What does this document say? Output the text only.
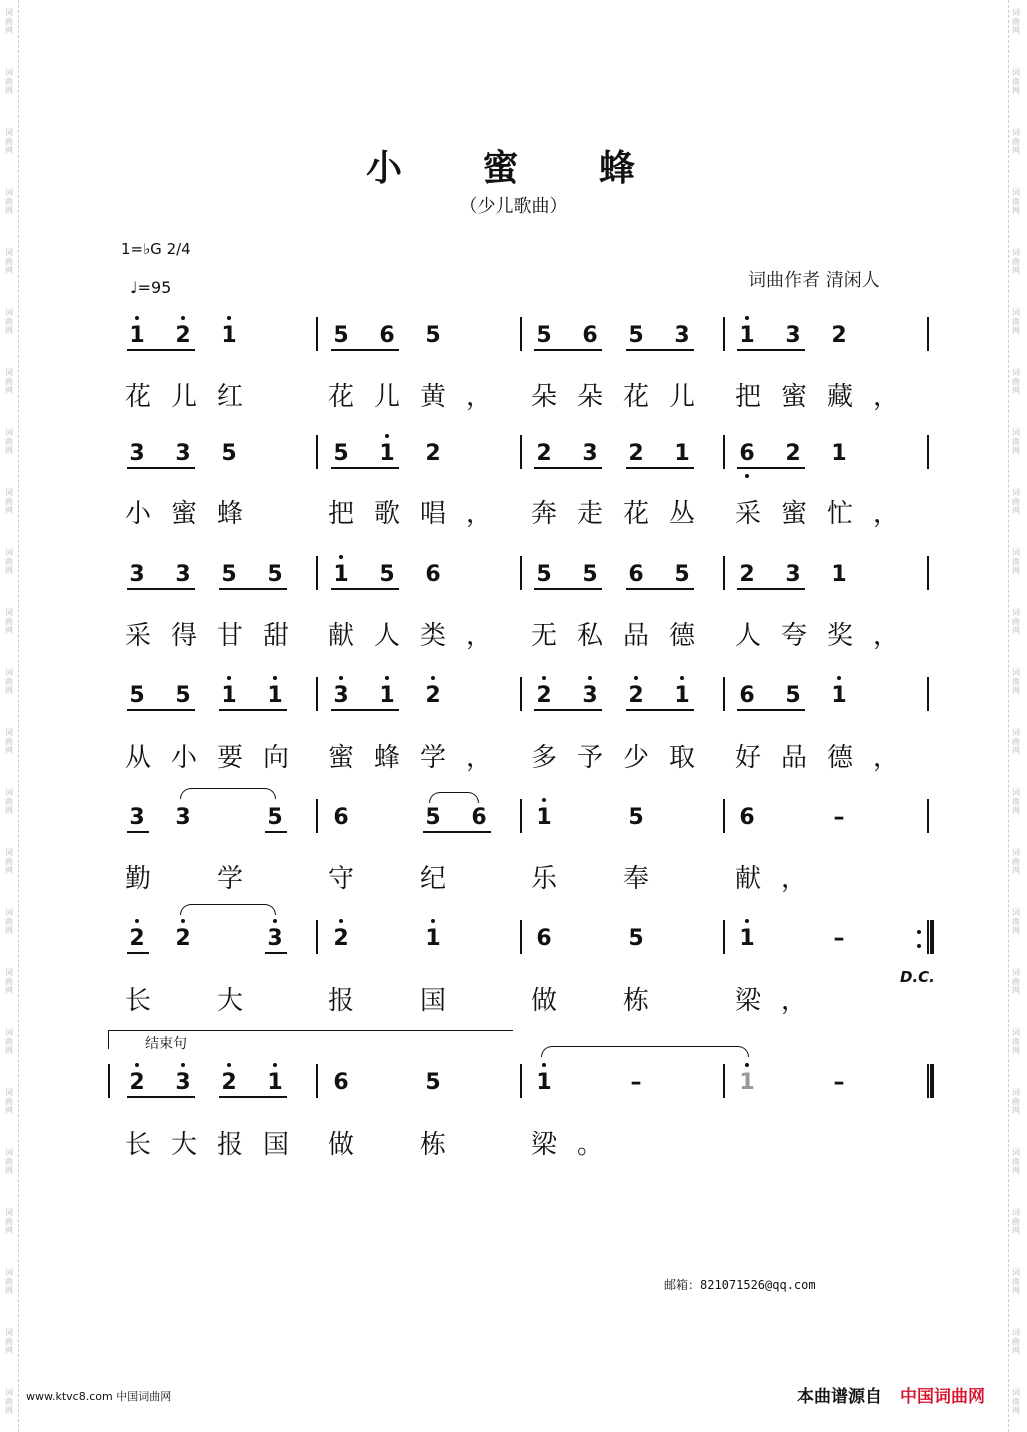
小 蜜 蜂
（少儿歌曲）
1=♭G 2/4
♩=95	词曲作者 清闲人
1 2 1	5 6 5	5 6 5 3 1 3 2
3 3 5	5 1 2	2 3 2 1 6 2 1
3 3 5 5 1 5 6	5 5 6 5 2 3 1
5 5 1 1 3 1 2	2 3 2 1 6 5 1
3 3	5 6	5 6 1	5	6	–
2 2	3 2	1	6	5	1	–
2 3 2 1 6	5	1	–	1	–
花儿红 花儿黄， 朵朵花儿 把蜜藏，
小蜜蜂 把歌唱， 奔走花丛 采蜜忙，
采得甘甜 献人类， 无私品德 人夸奖，
从小要向 蜜蜂学， 多予少取 好品德，
勤学 守纪 乐奉 献，
长大 报国 做栋 梁，
长大报国 做栋 梁。
D.C.
结束句
邮箱：821071526@qq.com
www.ktvc8.com 中国词曲网	本曲谱源自 中国词曲网
词
曲
网
词
曲
网
词
曲
网
词
曲
网
词
曲
网
词
曲
网
词
曲
网
词
曲
网
词
曲
网
词
曲
网
词
曲
网
词
曲
网
词
曲
网
词
曲
网
词
曲
网
词
曲
网
词
曲
网
词
曲
网
词
曲
网
词
曲
网
词
曲
网
词
曲
网
词
曲
网
词
曲
网
词
曲
网
词
曲
网
词
曲
网
词
曲
网
词
曲
网
词
曲
网
词
曲
网
词
曲
网
词
曲
网
词
曲
网
词
曲
网
词
曲
网
词
曲
网
词
曲
网
词
曲
网
词
曲
网
词
曲
网
词
曲
网
词
曲
网
词
曲
网
词
曲
网
词
曲
网
词
曲
网
词
曲
网
